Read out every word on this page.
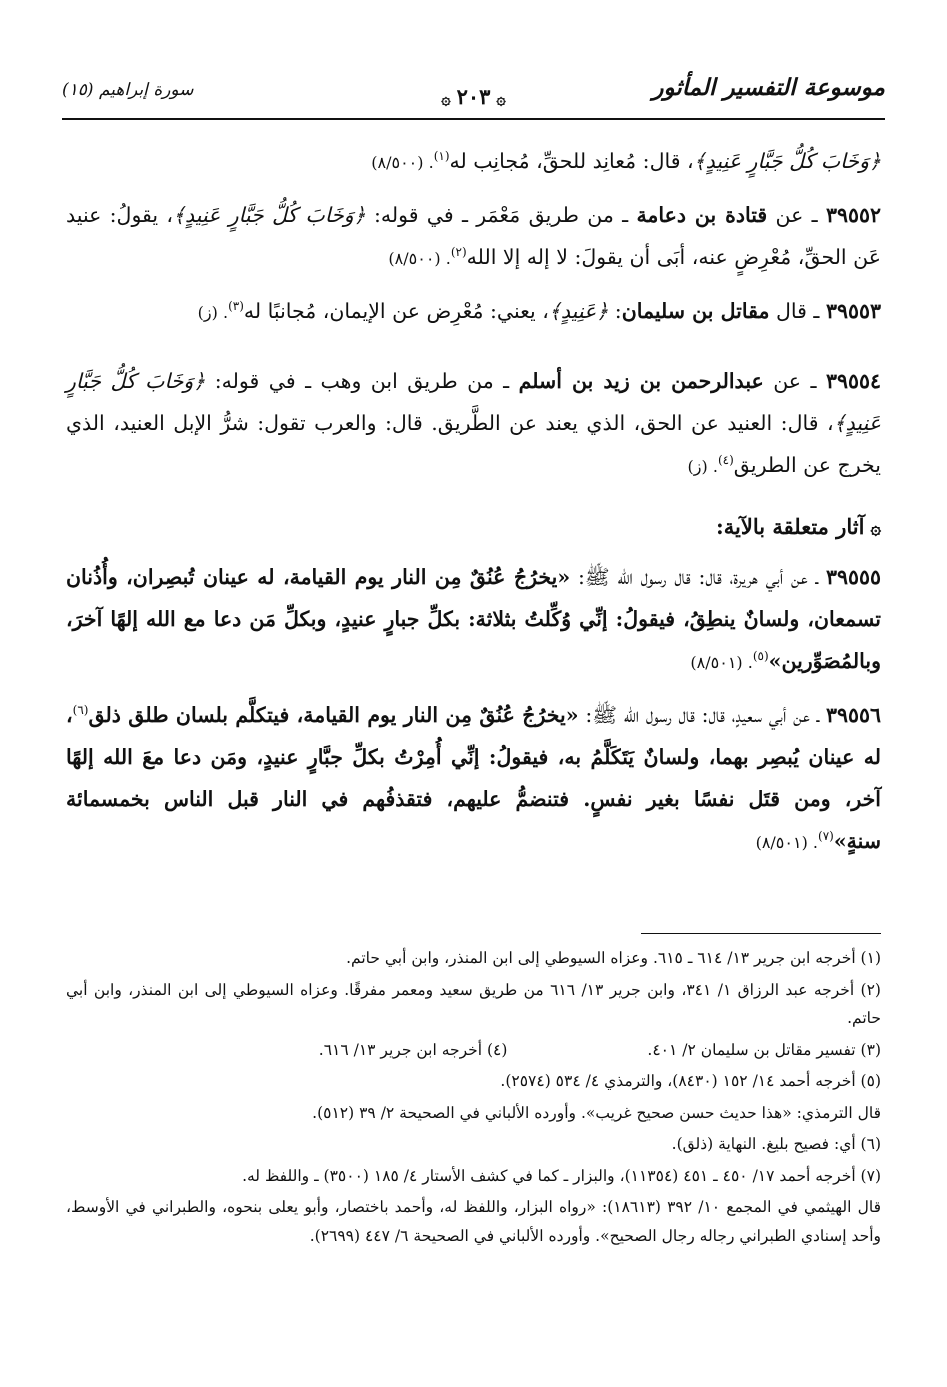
موسوعة التفسير المأثور
۞٢٠٣۞
سورة إبراهيم (١٥)

﴿وَخَابَ كُلُّ جَبَّارٍ عَنِيدٍ﴾، قال: مُعانِد للحقِّ، مُجانِب له$^{(١)}$. (٨/٥٠٠)

٣٩٥٥٢ ـ عن قتادة بن دعامة ـ من طريق مَعْمَر ـ في قوله: ﴿وَخَابَ كُلُّ جَبَّارٍ عَنِيدٍ﴾، يقولُ: عنيد عَن الحقِّ، مُعْرِضٍ عنه، أبَى أن يقولَ: لا إله إلا الله$^{(٢)}$. (٨/٥٠٠)

٣٩٥٥٣ ـ قال مقاتل بن سليمان: ﴿عَنِيدٍ﴾، يعني: مُعْرِض عن الإيمان، مُجانبًا له$^{(٣)}$. (ز)

٣٩٥٥٤ ـ عن عبدالرحمن بن زيد بن أسلم ـ من طريق ابن وهب ـ في قوله: ﴿وَخَابَ كُلُّ جَبَّارٍ عَنِيدٍ﴾، قال: العنيد عن الحق، الذي يعند عن الطَّريق. قال: والعرب تقول: شرُّ الإبل العنيد، الذي يخرج عن الطريق$^{(٤)}$. (ز)

۞آثار متعلقة بالآية:

٣٩٥٥٥ ـ عن أبي هريرة، قال: قال رسول الله ﷺ: «يخرُجُ عُنُقٌ مِن النار يوم القيامة، له عينان تُبصِران، وأُذُنان تسمعان، ولسانٌ ينطِقُ، فيقولُ: إنِّي وُكِّلتُ بثلاثة: بكلِّ جبارٍ عنيدٍ، وبكلِّ مَن دعا مع الله إلهًا آخرَ، وبالمُصَوِّرين»$^{(٥)}$. (٨/٥٠١)

٣٩٥٥٦ ـ عن أبي سعيدٍ، قال: قال رسول الله ﷺ: «يخرُجُ عُنُقٌ مِن النار يوم القيامة، فيتكلَّم بلسان طلق ذلق$^{(٦)}$، له عينان يُبصِر بهما، ولسانٌ يَتَكَلَّمُ به، فيقولُ: إنِّي أُمِرْتُ بكلِّ جبَّارٍ عنيدٍ، ومَن دعا معَ الله إلهًا آخر، ومن قتَل نفسًا بغير نفسٍ. فتنضمُّ عليهم، فتقذفُهم في النار قبل الناس بخمسمائة سنةٍ»$^{(٧)}$. (٨/٥٠١)

(١) أخرجه ابن جرير ١٣/ ٦١٤ ـ ٦١٥. وعزاه السيوطي إلى ابن المنذر، وابن أبي حاتم.

(٢) أخرجه عبد الرزاق ١/ ٣٤١، وابن جرير ١٣/ ٦١٦ من طريق سعيد ومعمر مفرقًا. وعزاه السيوطي إلى ابن المنذر، وابن أبي حاتم.

(٣) تفسير مقاتل بن سليمان ٢/ ٤٠١.
(٤) أخرجه ابن جرير ١٣/ ٦١٦.

(٥) أخرجه أحمد ١٤/ ١٥٢ (٨٤٣٠)، والترمذي ٤/ ٥٣٤ (٢٥٧٤).

قال الترمذي: «هذا حديث حسن صحيح غريب». وأورده الألباني في الصحيحة ٢/ ٣٩ (٥١٢).

(٦) أي: فصيح بليغ. النهاية (ذلق).

(٧) أخرجه أحمد ١٧/ ٤٥٠ ـ ٤٥١ (١١٣٥٤)، والبزار ـ كما في كشف الأستار ٤/ ١٨٥ (٣٥٠٠) ـ واللفظ له.

قال الهيثمي في المجمع ١٠/ ٣٩٢ (١٨٦١٣): «رواه البزار، واللفظ له، وأحمد باختصار، وأبو يعلى بنحوه، والطبراني في الأوسط، وأحد إسنادي الطبراني رجاله رجال الصحيح». وأورده الألباني في الصحيحة ٦/ ٤٤٧ (٢٦٩٩).
